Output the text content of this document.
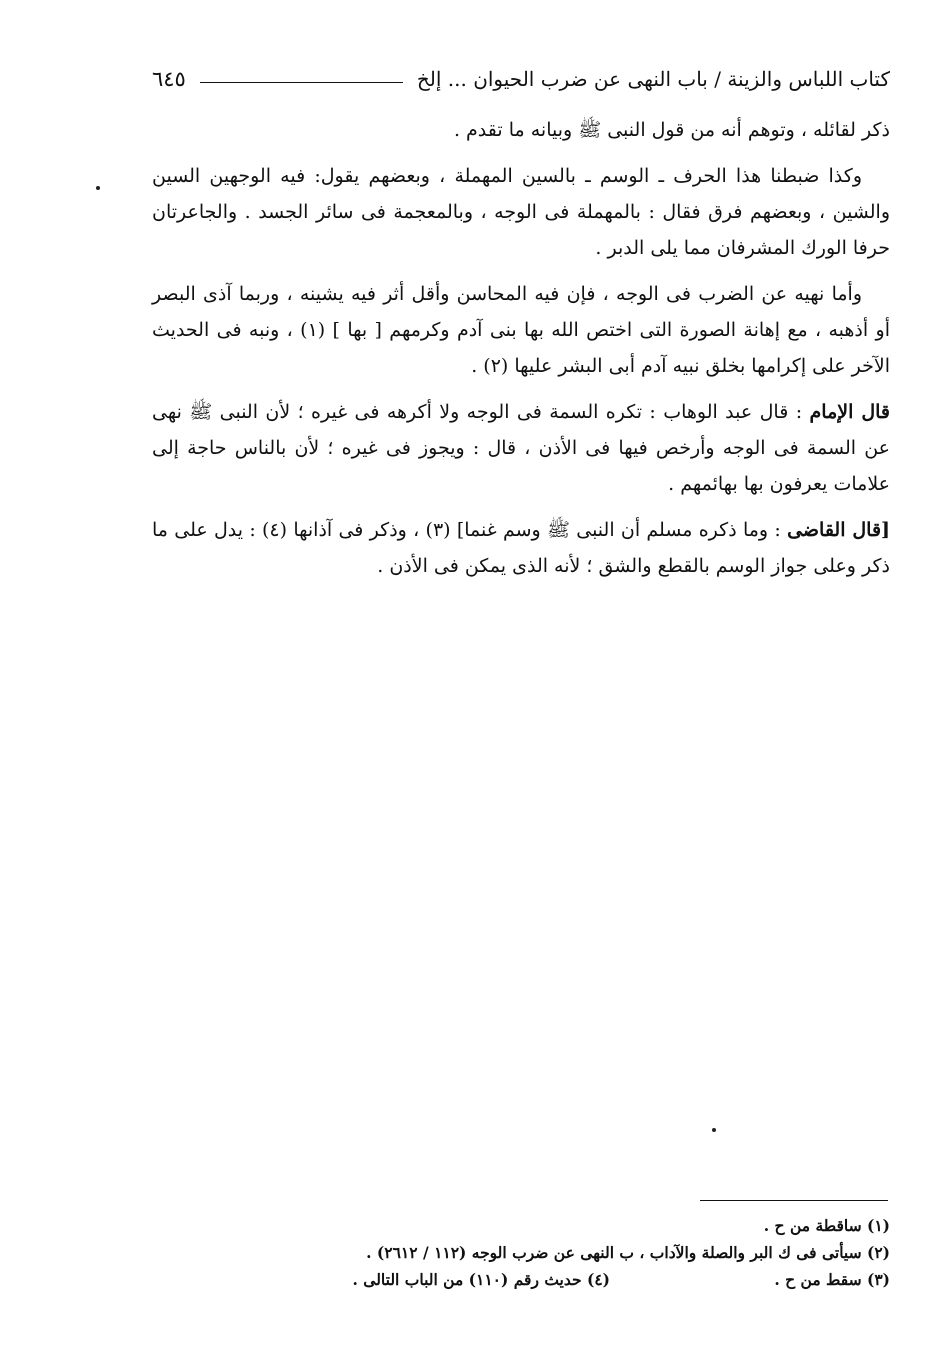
كتاب اللباس والزينة / باب النهى عن ضرب الحيوان ... إلخ
٦٤٥

ذكر لقائله ، وتوهم أنه من قول النبى ﷺ وبيانه ما تقدم .

وكذا ضبطنا هذا الحرف ـ الوسم ـ بالسين المهملة ، وبعضهم يقول: فيه الوجهين السين والشين ، وبعضهم فرق فقال : بالمهملة فى الوجه ، وبالمعجمة فى سائر الجسد . والجاعرتان حرفا الورك المشرفان مما يلى الدبر .

وأما نهيه عن الضرب فى الوجه ، فإن فيه المحاسن وأقل أثر فيه يشينه ، وربما آذى البصر أو أذهبه ، مع إهانة الصورة التى اختص الله بها بنى آدم وكرمهم [ بها ] (١) ، ونبه فى الحديث الآخر على إكرامها بخلق نبيه آدم أبى البشر عليها (٢) .

قال الإمام : قال عبد الوهاب : تكره السمة فى الوجه ولا أكرهه فى غيره ؛ لأن النبى ﷺ نهى عن السمة فى الوجه وأرخص فيها فى الأذن ، قال : ويجوز فى غيره ؛ لأن بالناس حاجة إلى علامات يعرفون بها بهائمهم .

[قال القاضى : وما ذكره مسلم أن النبى ﷺ وسم غنما] (٣) ، وذكر فى آذانها (٤) : يدل على ما ذكر وعلى جواز الوسم بالقطع والشق ؛ لأنه الذى يمكن فى الأذن .

(١) ساقطة من ح .
(٢) سيأتى فى ك البر والصلة والآداب ، ب النهى عن ضرب الوجه (١١٢ / ٢٦١٢) .
(٣) سقط من ح .
(٤) حديث رقم (١١٠) من الباب التالى .
